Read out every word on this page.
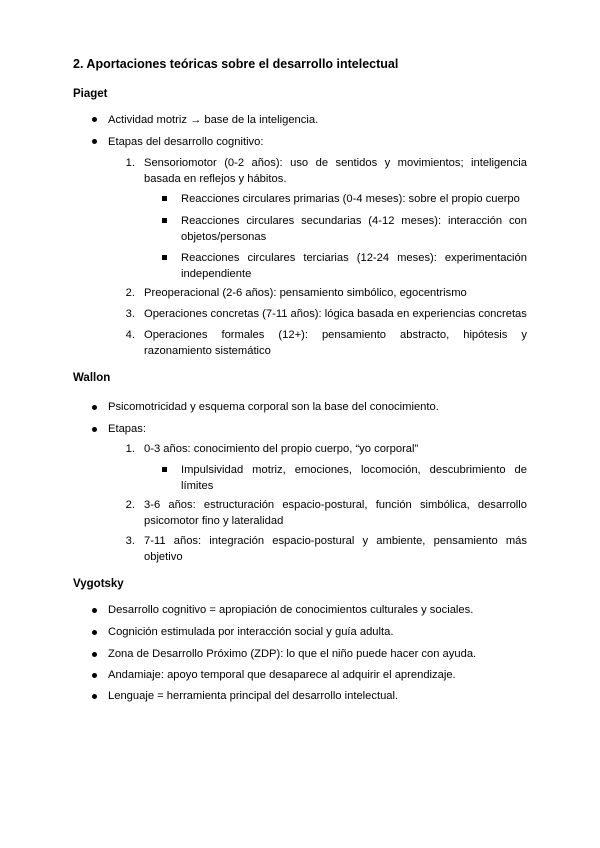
2. Aportaciones teóricas sobre el desarrollo intelectual
Piaget
Actividad motriz → base de la inteligencia.
Etapas del desarrollo cognitivo:
1. Sensoriomotor (0-2 años): uso de sentidos y movimientos; inteligencia basada en reflejos y hábitos.
Reacciones circulares primarias (0-4 meses): sobre el propio cuerpo
Reacciones circulares secundarias (4-12 meses): interacción con objetos/personas
Reacciones circulares terciarias (12-24 meses): experimentación independiente
2. Preoperacional (2-6 años): pensamiento simbólico, egocentrismo
3. Operaciones concretas (7-11 años): lógica basada en experiencias concretas
4. Operaciones formales (12+): pensamiento abstracto, hipótesis y razonamiento sistemático
Wallon
Psicomotricidad y esquema corporal son la base del conocimiento.
Etapas:
1. 0-3 años: conocimiento del propio cuerpo, “yo corporal”
Impulsividad motriz, emociones, locomoción, descubrimiento de límites
2. 3-6 años: estructuración espacio-postural, función simbólica, desarrollo psicomotor fino y lateralidad
3. 7-11 años: integración espacio-postural y ambiente, pensamiento más objetivo
Vygotsky
Desarrollo cognitivo = apropiación de conocimientos culturales y sociales.
Cognición estimulada por interacción social y guía adulta.
Zona de Desarrollo Próximo (ZDP): lo que el niño puede hacer con ayuda.
Andamiaje: apoyo temporal que desaparece al adquirir el aprendizaje.
Lenguaje = herramienta principal del desarrollo intelectual.
